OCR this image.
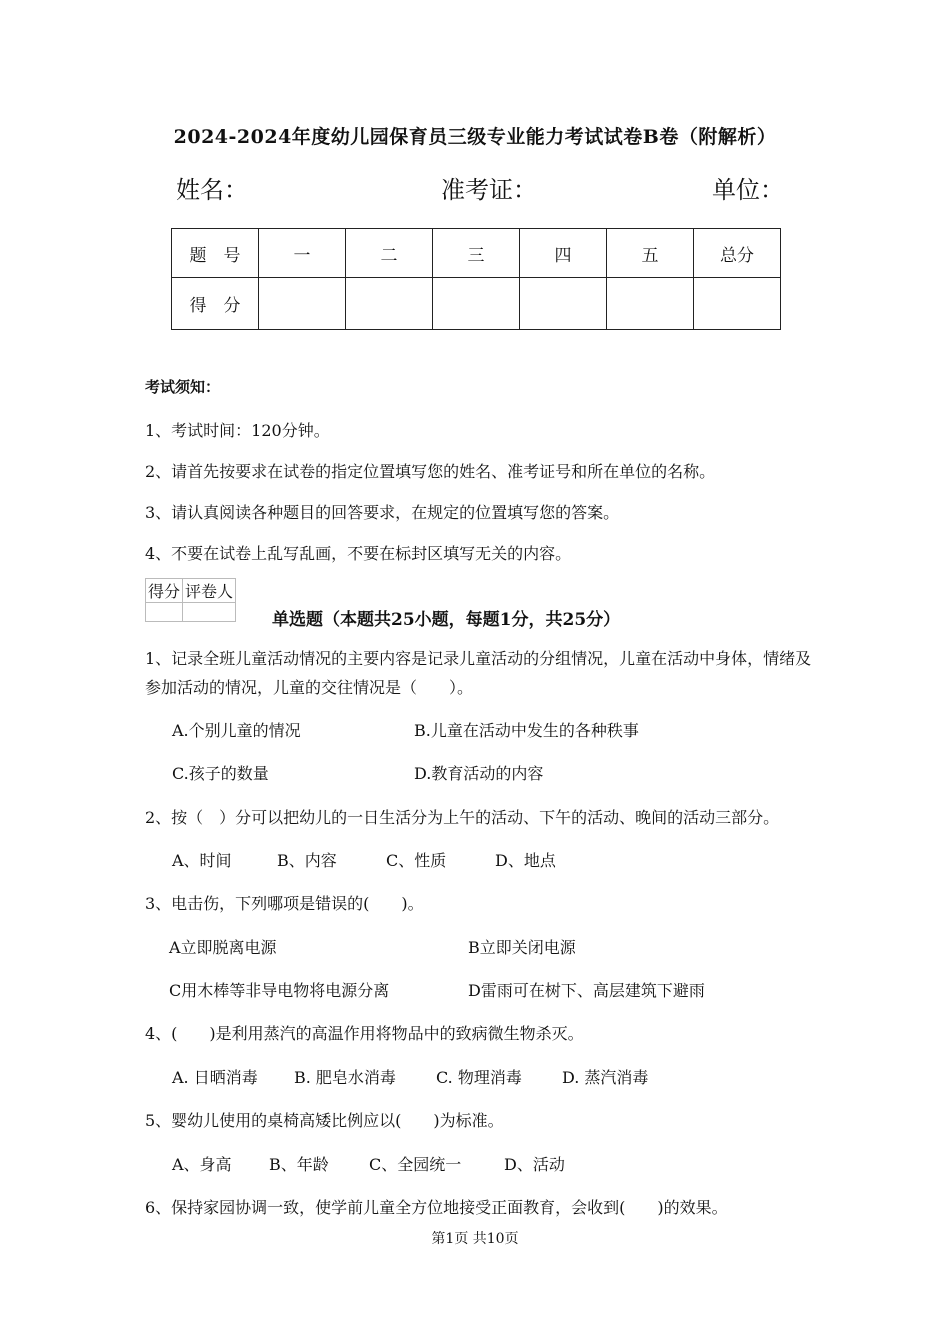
2024-2024年度幼儿园保育员三级专业能力考试试卷B卷（附解析）
姓名：	准考证：	单位：
题　号	一	二	三	四	五	总分
得　分						
考试须知：
1、考试时间：120分钟。
2、请首先按要求在试卷的指定位置填写您的姓名、准考证号和所在单位的名称。
3、请认真阅读各种题目的回答要求，在规定的位置填写您的答案。
4、不要在试卷上乱写乱画，不要在标封区填写无关的内容。
得分	评卷人

单选题（本题共25小题，每题1分，共25分）
1、记录全班儿童活动情况的主要内容是记录儿童活动的分组情况，儿童在活动中身体，情绪及参加活动的情况，儿童的交往情况是（　　）。
A.个别儿童的情况	B.儿童在活动中发生的各种秩事
C.孩子的数量	D.教育活动的内容
2、按（　）分可以把幼儿的一日生活分为上午的活动、下午的活动、晚间的活动三部分。
A、时间	B、内容	C、性质	D、地点
3、电击伤，下列哪项是错误的(　　)。
A立即脱离电源	B立即关闭电源
C用木棒等非导电物将电源分离	D雷雨可在树下、高层建筑下避雨
4、(　　)是利用蒸汽的高温作用将物品中的致病微生物杀灭。
A. 日晒消毒 B. 肥皂水消毒	C. 物理消毒	D. 蒸汽消毒
5、婴幼儿使用的桌椅高矮比例应以(　　)为标准。
A、身高 B、年龄	C、全园统一	D、活动
6、保持家园协调一致，使学前儿童全方位地接受正面教育，会收到(　　)的效果。
第1页 共10页
